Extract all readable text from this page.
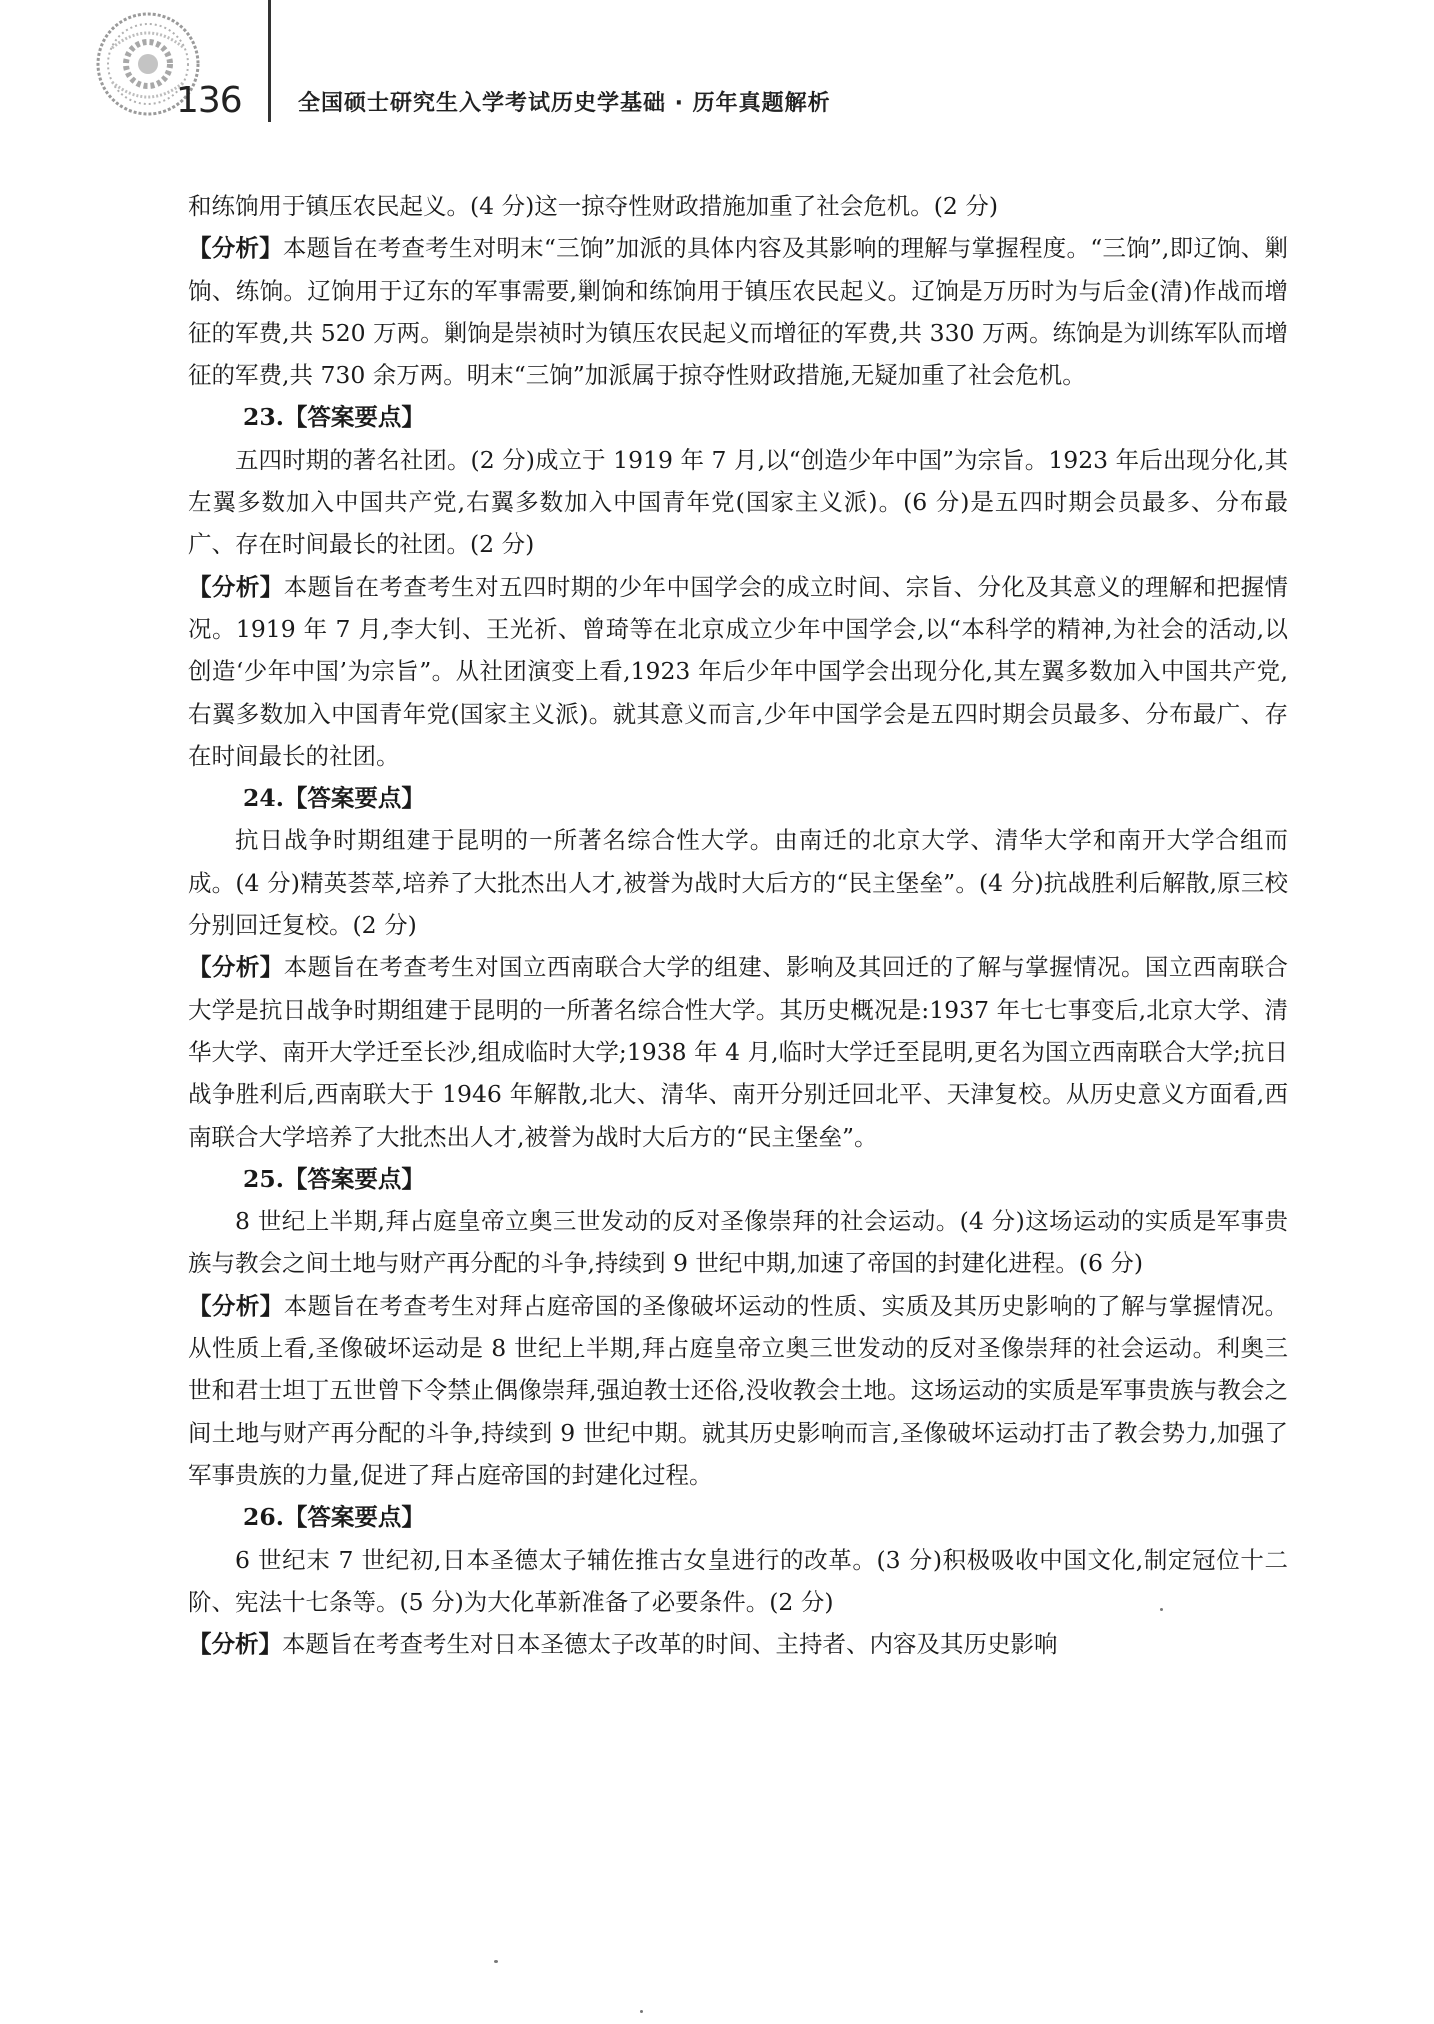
136	全国硕士研究生入学考试历史学基础 · 历年真题解析

和练饷用于镇压农民起义。(4 分)这一掠夺性财政措施加重了社会危机。(2 分)

【分析】本题旨在考查考生对明末“三饷”加派的具体内容及其影响的理解与掌握程度。“三饷”,即辽饷、剿饷、练饷。辽饷用于辽东的军事需要,剿饷和练饷用于镇压农民起义。辽饷是万历时为与后金(清)作战而增征的军费,共 520 万两。剿饷是崇祯时为镇压农民起义而增征的军费,共 330 万两。练饷是为训练军队而增征的军费,共 730 余万两。明末“三饷”加派属于掠夺性财政措施,无疑加重了社会危机。

23.【答案要点】

五四时期的著名社团。(2 分)成立于 1919 年 7 月,以“创造少年中国”为宗旨。1923 年后出现分化,其左翼多数加入中国共产党,右翼多数加入中国青年党(国家主义派)。(6 分)是五四时期会员最多、分布最广、存在时间最长的社团。(2 分)

【分析】本题旨在考查考生对五四时期的少年中国学会的成立时间、宗旨、分化及其意义的理解和把握情况。1919 年 7 月,李大钊、王光祈、曾琦等在北京成立少年中国学会,以“本科学的精神,为社会的活动,以创造‘少年中国’为宗旨”。从社团演变上看,1923 年后少年中国学会出现分化,其左翼多数加入中国共产党,右翼多数加入中国青年党(国家主义派)。就其意义而言,少年中国学会是五四时期会员最多、分布最广、存在时间最长的社团。

24.【答案要点】

抗日战争时期组建于昆明的一所著名综合性大学。由南迁的北京大学、清华大学和南开大学合组而成。(4 分)精英荟萃,培养了大批杰出人才,被誉为战时大后方的“民主堡垒”。(4 分)抗战胜利后解散,原三校分别回迁复校。(2 分)

【分析】本题旨在考查考生对国立西南联合大学的组建、影响及其回迁的了解与掌握情况。国立西南联合大学是抗日战争时期组建于昆明的一所著名综合性大学。其历史概况是:1937 年七七事变后,北京大学、清华大学、南开大学迁至长沙,组成临时大学;1938 年 4 月,临时大学迁至昆明,更名为国立西南联合大学;抗日战争胜利后,西南联大于 1946 年解散,北大、清华、南开分别迁回北平、天津复校。从历史意义方面看,西南联合大学培养了大批杰出人才,被誉为战时大后方的“民主堡垒”。

25.【答案要点】

8 世纪上半期,拜占庭皇帝立奥三世发动的反对圣像崇拜的社会运动。(4 分)这场运动的实质是军事贵族与教会之间土地与财产再分配的斗争,持续到 9 世纪中期,加速了帝国的封建化进程。(6 分)

【分析】本题旨在考查考生对拜占庭帝国的圣像破坏运动的性质、实质及其历史影响的了解与掌握情况。从性质上看,圣像破坏运动是 8 世纪上半期,拜占庭皇帝立奥三世发动的反对圣像崇拜的社会运动。利奥三世和君士坦丁五世曾下令禁止偶像崇拜,强迫教士还俗,没收教会土地。这场运动的实质是军事贵族与教会之间土地与财产再分配的斗争,持续到 9 世纪中期。就其历史影响而言,圣像破坏运动打击了教会势力,加强了军事贵族的力量,促进了拜占庭帝国的封建化过程。

26.【答案要点】

6 世纪末 7 世纪初,日本圣德太子辅佐推古女皇进行的改革。(3 分)积极吸收中国文化,制定冠位十二阶、宪法十七条等。(5 分)为大化革新准备了必要条件。(2 分)

【分析】本题旨在考查考生对日本圣德太子改革的时间、主持者、内容及其历史影响
